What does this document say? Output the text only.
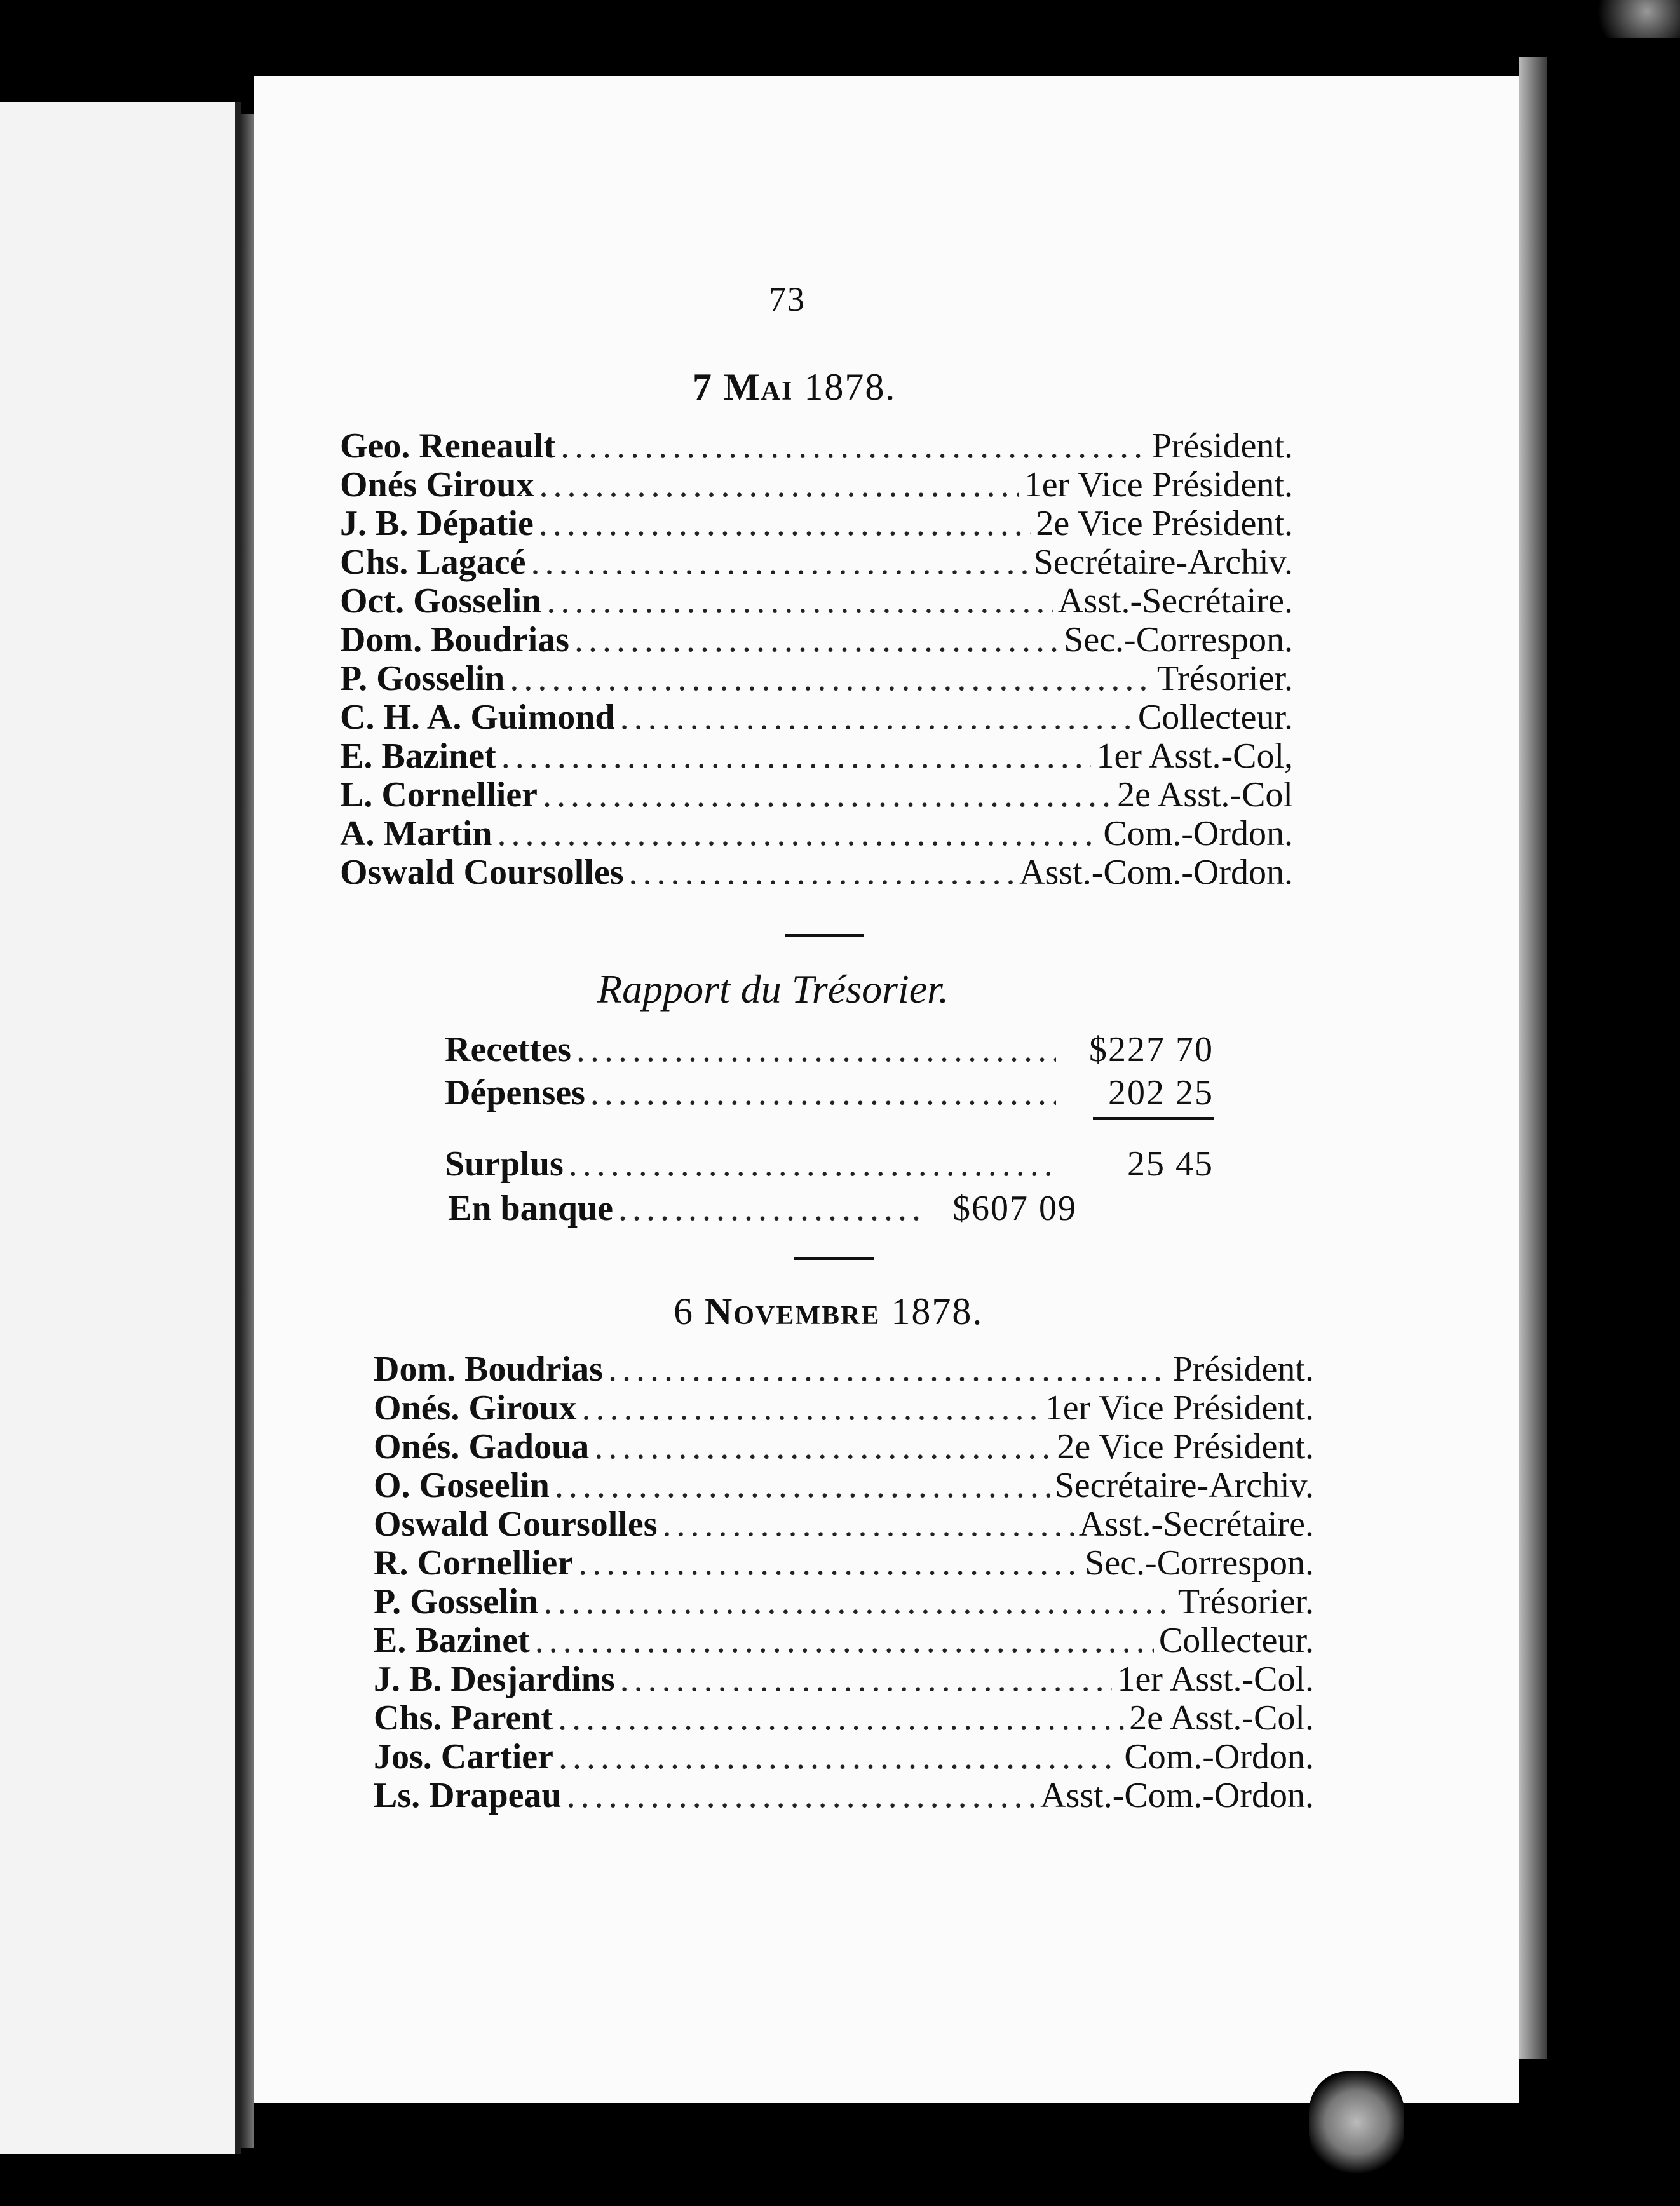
73
7 Mai 1878.
Geo. Reneault . . .	Président.
Onés Giroux . . .	1er Vice Président.
J. B. Dépatie . . .	2e Vice Président.
Chs. Lagacé . . .	Secrétaire-Archiv.
Oct. Gosselin . . .	Asst.-Secrétaire.
Dom. Boudrias . . .	Sec.-Correspon.
P. Gosselin . . .	Trésorier.
C. H. A. Guimond . . .	Collecteur.
E. Bazinet . . .	1er Asst.-Col,
L. Cornellier . . .	2e Asst.-Col
A. Martin . . .	Com.-Ordon.
Oswald Coursolles . . .	Asst.-Com.-Ordon.
Rapport du Trésorier.
Recettes . . .	$227 70
Dépenses . . .	202 25
Surplus . . .	25 45
En banque . . .	$607 09
6 Novembre 1878.
Dom. Boudrias . . .	Président.
Onés. Giroux . . .	1er Vice Président.
Onés. Gadoua . . .	2e Vice Président.
O. Goseelin . . .	Secrétaire-Archiv.
Oswald Coursolles . . .	Asst.-Secrétaire.
R. Cornellier . . .	Sec.-Correspon.
P. Gosselin . . .	Trésorier.
E. Bazinet . . .	Collecteur.
J. B. Desjardins . . .	1er Asst.-Col.
Chs. Parent . . .	2e Asst.-Col.
Jos. Cartier . . .	Com.-Ordon.
Ls. Drapeau . . .	Asst.-Com.-Ordon.
